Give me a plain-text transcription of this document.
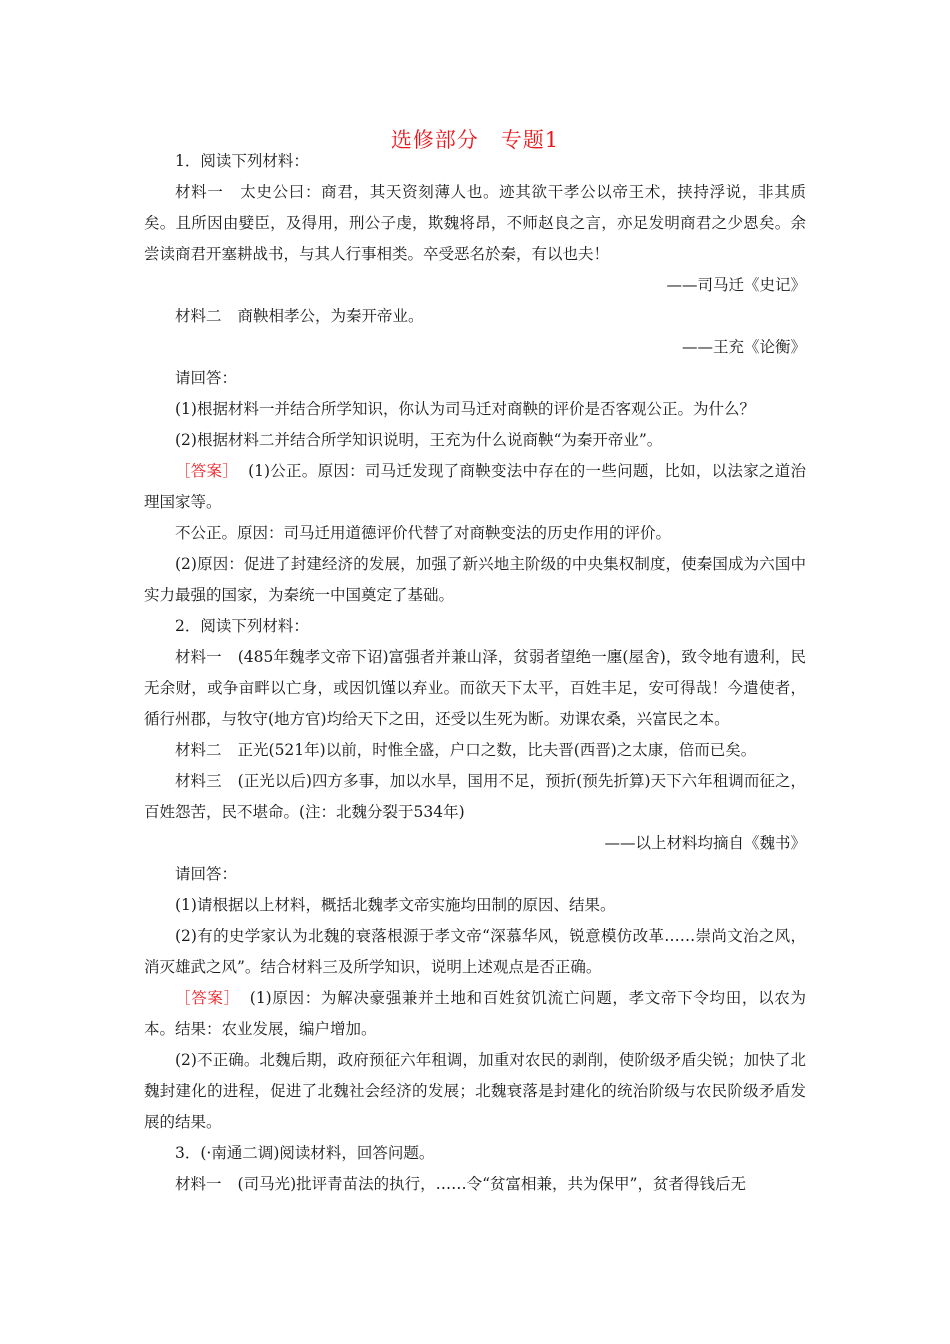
选修部分　专题1

1．阅读下列材料：

材料一 太史公曰：商君，其天资刻薄人也。迹其欲干孝公以帝王术，挟持浮说，非其质矣。且所因由嬖臣，及得用，刑公子虔，欺魏将昂，不师赵良之言，亦足发明商君之少恩矣。余尝读商君开塞耕战书，与其人行事相类。卒受恶名於秦，有以也夫！

——司马迁《史记》

材料二 商鞅相孝公，为秦开帝业。

——王充《论衡》

请回答：

(1)根据材料一并结合所学知识，你认为司马迁对商鞅的评价是否客观公正。为什么？

(2)根据材料二并结合所学知识说明，王充为什么说商鞅“为秦开帝业”。

［答案］ (1)公正。原因：司马迁发现了商鞅变法中存在的一些问题，比如，以法家之道治理国家等。

不公正。原因：司马迁用道德评价代替了对商鞅变法的历史作用的评价。

(2)原因：促进了封建经济的发展，加强了新兴地主阶级的中央集权制度，使秦国成为六国中实力最强的国家，为秦统一中国奠定了基础。

2．阅读下列材料：

材料一 (485年魏孝文帝下诏)富强者并兼山泽，贫弱者望绝一廛(屋舍)，致令地有遗利，民无余财，或争亩畔以亡身，或因饥馑以弃业。而欲天下太平，百姓丰足，安可得哉！今遣使者，循行州郡，与牧守(地方官)均给天下之田，还受以生死为断。劝课农桑，兴富民之本。

材料二 正光(521年)以前，时惟全盛，户口之数，比夫晋(西晋)之太康，倍而已矣。

材料三 (正光以后)四方多事，加以水旱，国用不足，预折(预先折算)天下六年租调而征之，百姓怨苦，民不堪命。(注：北魏分裂于534年)

——以上材料均摘自《魏书》

请回答：

(1)请根据以上材料，概括北魏孝文帝实施均田制的原因、结果。

(2)有的史学家认为北魏的衰落根源于孝文帝“深慕华风，锐意模仿改革……崇尚文治之风，消灭雄武之风”。结合材料三及所学知识，说明上述观点是否正确。

［答案］ (1)原因：为解决豪强兼并土地和百姓贫饥流亡问题，孝文帝下令均田，以农为本。结果：农业发展，编户增加。

(2)不正确。北魏后期，政府预征六年租调，加重对农民的剥削，使阶级矛盾尖锐；加快了北魏封建化的进程，促进了北魏社会经济的发展；北魏衰落是封建化的统治阶级与农民阶级矛盾发展的结果。

3．(·南通二调)阅读材料，回答问题。

材料一 (司马光)批评青苗法的执行，……令“贫富相兼，共为保甲”，贫者得钱后无
